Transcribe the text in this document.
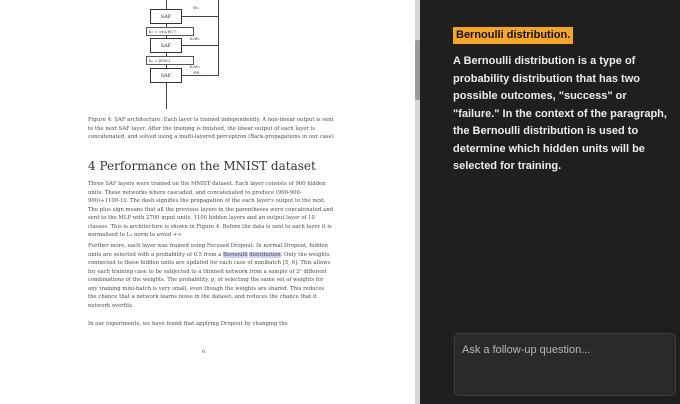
SAF
h₁ = σ(u₁W₁ᵀ)
SAF
h₀ = β(W₀)
SAF
W₃
h₁W₂
h₂W₃
∂W₁
Figure 4: SAF architecture. Each layer is trained independently. A non-linear output is sent to the next SAF layer. After the training is finished, the linear output of each layer is concatenated, and solved using a multi-layered perceptron (Back-propagations in our case)
4 Performance on the MNIST dataset
Three SAF layers were trained on the MNIST dataset. Each layer consists of 900 hidden units. These networks where cascaded, and concatenated to produce (900-900-900)+1100-10. The dash signifies the propagation of the each layer's output to the next. The plus sign means that all the previous layers in the parentheses were concatenated and sent to the MLP with 2700 input units, 1100 hidden layers and an output layer of 10 classes. This is architecture is shown in Figure 4. Before the data is sent to each layer it is normalised to L₂ norm to avoid +∞
Further more, each layer was trained using Focused Dropout. In normal Dropout, hidden units are selected with a probability of 0.5 from a Bernoulli distribution. Only the weights connected to these hidden units are updated for each case of minibatch [5, 6]. This allows for each training case to be subjected to a thinned network from a sample of 2ⁿ different combinations of the weights. The probability, p, of selecting the same set of weights for any training mini-batch is very small, even though the weights are shared. This reduces the chance that a network learns noise in the dataset, and reduces the chance that it network overfits.
In our experiments, we have found that applying Dropout by changing the
6
Bernoulli distribution.
A Bernoulli distribution is a type of probability distribution that has two possible outcomes, "success" or "failure." In the context of the paragraph, the Bernoulli distribution is used to determine which hidden units will be selected for training.
Ask a follow-up question...
